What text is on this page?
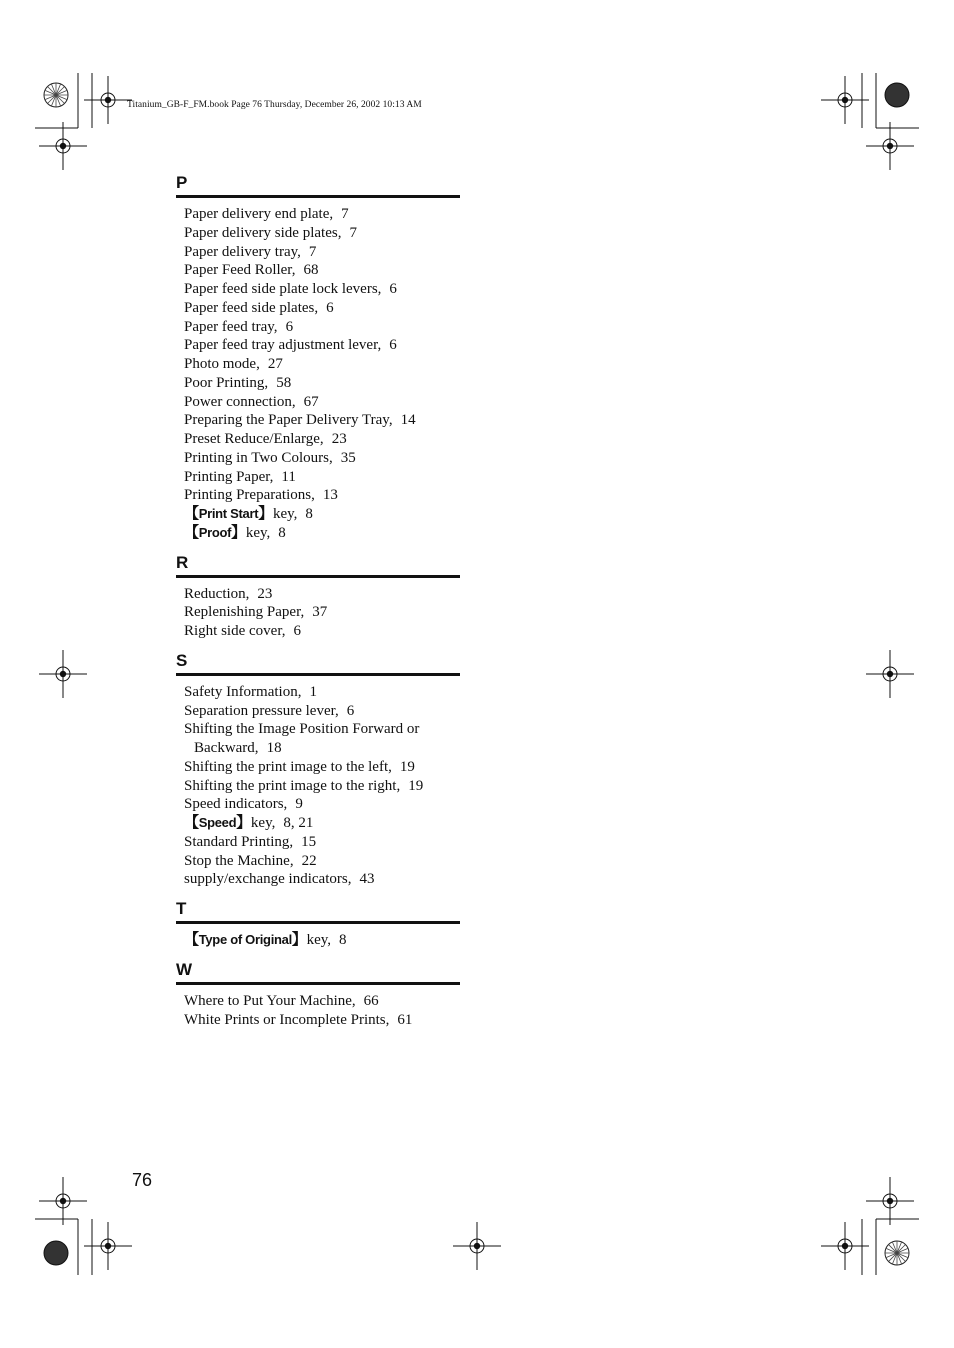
Titanium_GB-F_FM.book Page 76 Thursday, December 26, 2002 10:13 AM
P
Paper delivery end plate, 7
Paper delivery side plates, 7
Paper delivery tray, 7
Paper Feed Roller, 68
Paper feed side plate lock levers, 6
Paper feed side plates, 6
Paper feed tray, 6
Paper feed tray adjustment lever, 6
Photo mode, 27
Poor Printing, 58
Power connection, 67
Preparing the Paper Delivery Tray, 14
Preset Reduce/Enlarge, 23
Printing in Two Colours, 35
Printing Paper, 11
Printing Preparations, 13
【Print Start】key, 8
【Proof】key, 8
R
Reduction, 23
Replenishing Paper, 37
Right side cover, 6
S
Safety Information, 1
Separation pressure lever, 6
Shifting the Image Position Forward or
Backward, 18
Shifting the print image to the left, 19
Shifting the print image to the right, 19
Speed indicators, 9
【Speed】key, 8, 21
Standard Printing, 15
Stop the Machine, 22
supply/exchange indicators, 43
T
【Type of Original】key, 8
W
Where to Put Your Machine, 66
White Prints or Incomplete Prints, 61
76
